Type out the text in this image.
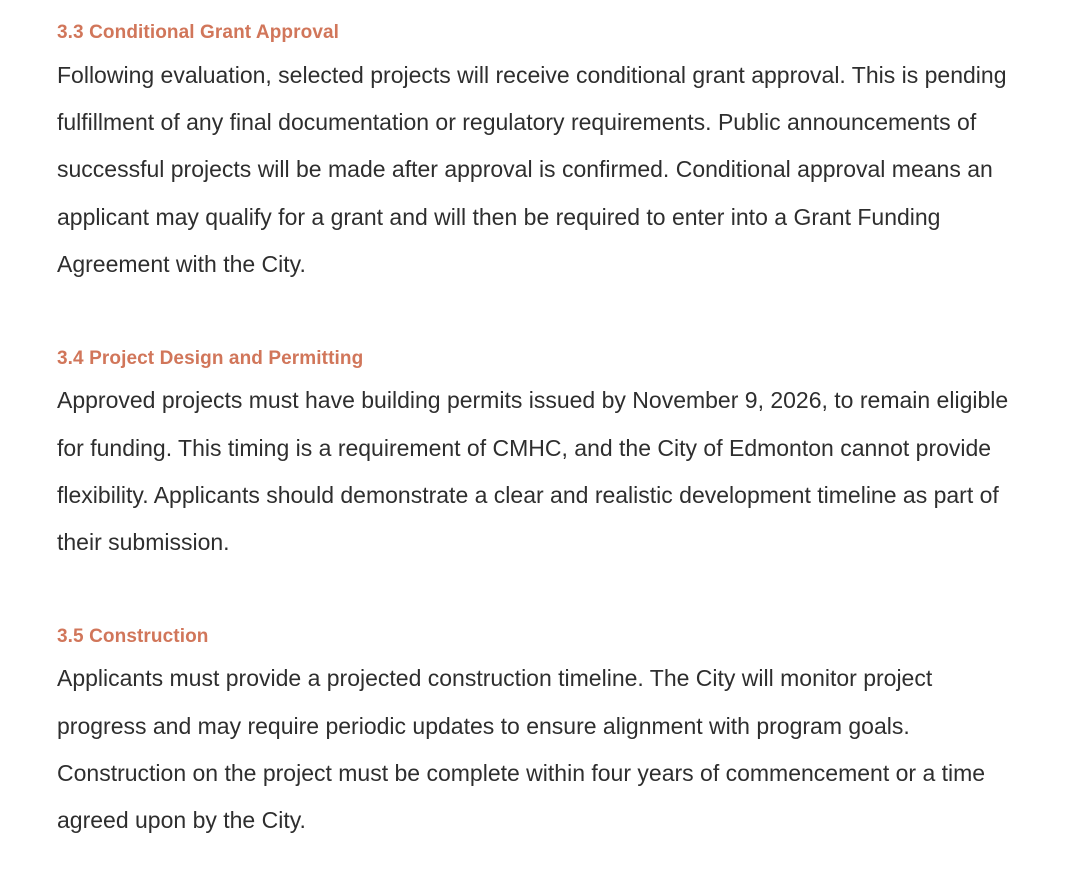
3.3 Conditional Grant Approval

Following evaluation, selected projects will receive conditional grant approval. This is pending fulfillment of any final documentation or regulatory requirements. Public announcements of successful projects will be made after approval is confirmed. Conditional approval means an applicant may qualify for a grant and will then be required to enter into a Grant Funding Agreement with the City.

3.4 Project Design and Permitting

Approved projects must have building permits issued by November 9, 2026, to remain eligible for funding. This timing is a requirement of CMHC, and the City of Edmonton cannot provide flexibility. Applicants should demonstrate a clear and realistic development timeline as part of their submission.

3.5 Construction

Applicants must provide a projected construction timeline. The City will monitor project progress and may require periodic updates to ensure alignment with program goals. Construction on the project must be complete within four years of commencement or a time agreed upon by the City.
